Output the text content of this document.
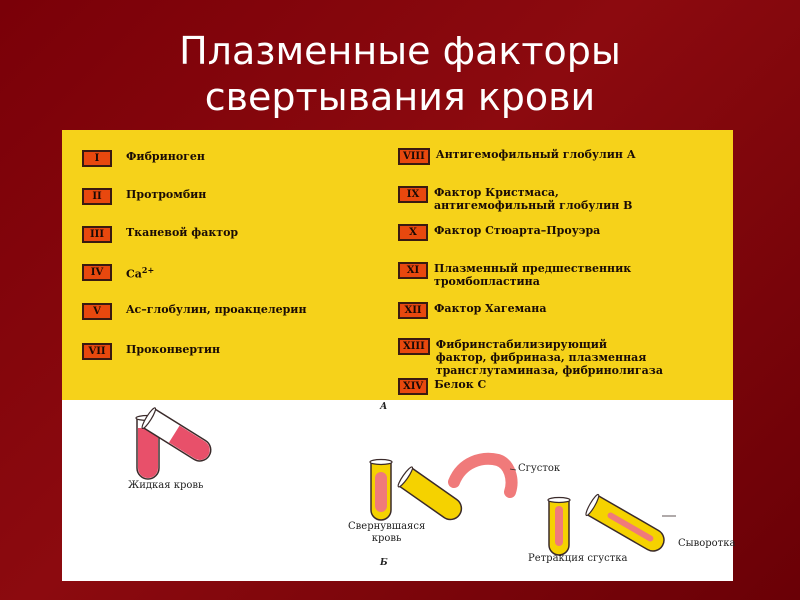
Плазменные факторы
свертывания крови
I	Фибриноген
II	Протромбин
III	Тканевой фактор
IV	$Ca^{2+}$
V	Ac–глобулин, проакцелерин
VII	Проконвертин
VIII	Антигемофильный глобулин А
IX	Фактор Кристмаса,
антигемофильный глобулин В
X	Фактор Стюарта–Проуэра
XI	Плазменный предшественник
тромбопластина
XII	Фактор Хагемана
XIII	Фибринстабилизирующий
фактор, фибриназа, плазменная
трансглутаминаза, фибринолигаза
XIV	Белок С
А
Жидкая кровь
Сгусток
Свернувшаяся
кровь	Сыворотка
Ретракция сгустка
Б
